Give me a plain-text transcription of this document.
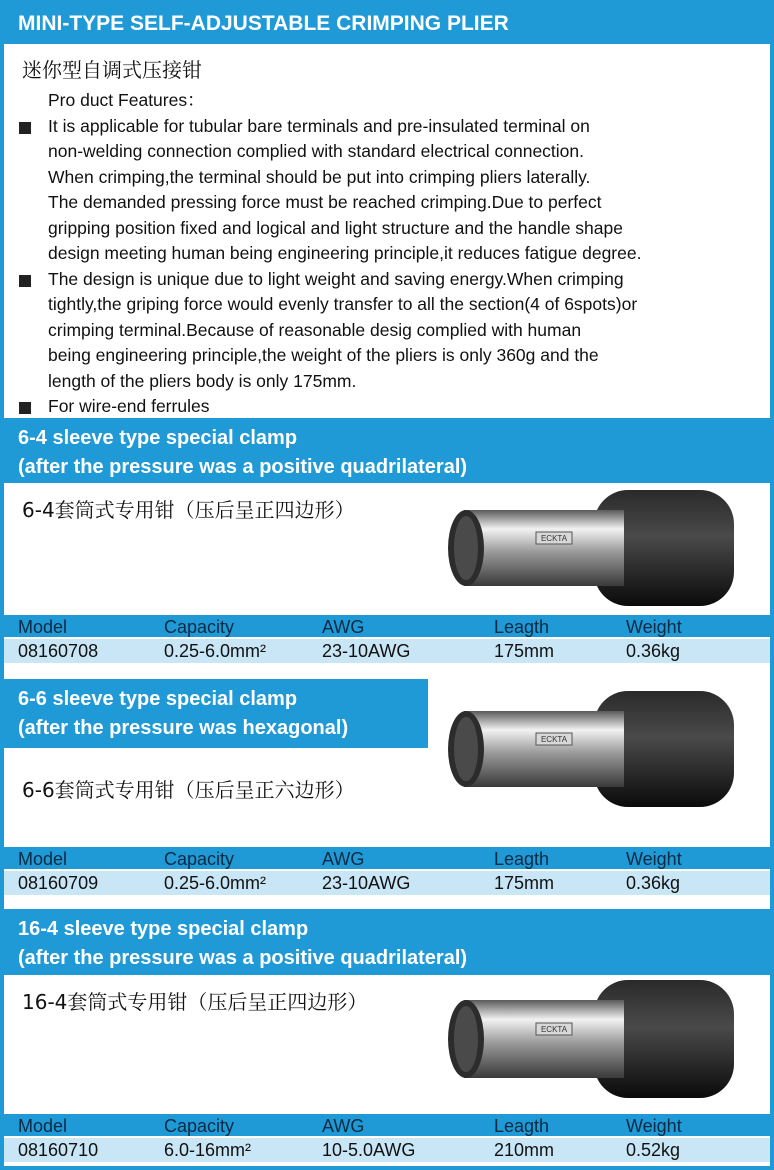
MINI-TYPE SELF-ADJUSTABLE CRIMPING PLIER
迷你型自调式压接钳
Pro duct Features：
It is applicable for tubular bare terminals and pre-insulated terminal on
non-welding connection complied with standard electrical connection.
When crimping,the terminal should be put into crimping pliers laterally.
The demanded pressing force must be reached crimping.Due to perfect
gripping position fixed and logical and light structure and the handle shape
design meeting human being engineering principle,it reduces fatigue degree.
The design is unique due to light weight and saving energy.When crimping
tightly,the griping force would evenly transfer to all the section(4 of 6spots)or
crimping terminal.Because of reasonable desig complied with human
being engineering principle,the weight of the pliers is only 360g and the
length of the pliers body is only 175mm.
For wire-end ferrules
6-4 sleeve type special clamp
(after the pressure was a positive quadrilateral)
6-4套筒式专用钳（压后呈正四边形）
ECKTA
Model	Capacity	AWG	Leagth	Weight
08160708	0.25-6.0mm²	23-10AWG	175mm	0.36kg
6-6 sleeve type special clamp
(after the pressure was hexagonal)
6-6套筒式专用钳（压后呈正六边形）
ECKTA
Model	Capacity	AWG	Leagth	Weight
08160709	0.25-6.0mm²	23-10AWG	175mm	0.36kg
16-4 sleeve type special clamp
(after the pressure was a positive quadrilateral)
16-4套筒式专用钳（压后呈正四边形）
ECKTA
Model	Capacity	AWG	Leagth	Weight
08160710	6.0-16mm²	10-5.0AWG	210mm	0.52kg
